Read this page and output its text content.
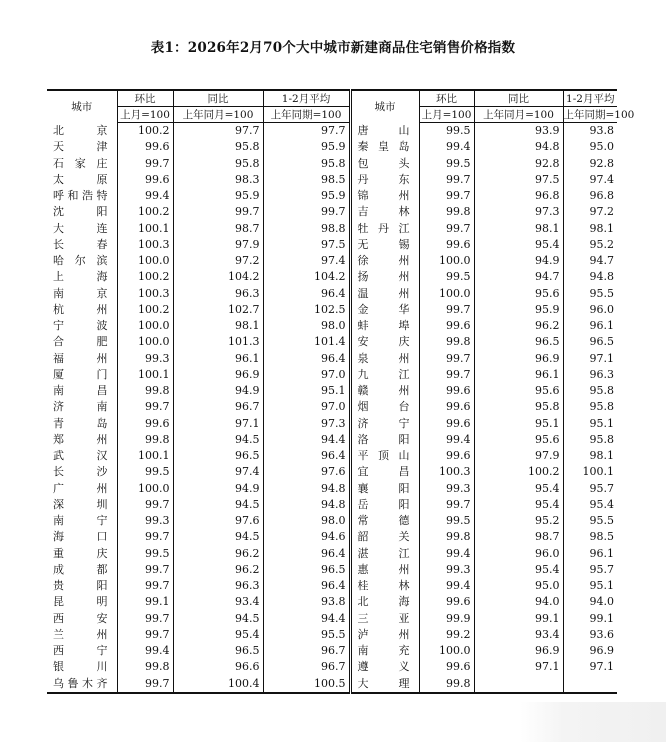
表1：2026年2月70个大中城市新建商品住宅销售价格指数
城市	环比	同比	1-2月平均	城市	环比	同比	1-2月平均
	上月=100	上年同月=100	上年同期=100		上月=100	上年同月=100	上年同期=100

北京	100.2	97.7	97.7	唐山	99.5	93.9	93.8

天津	99.6	95.8	95.9	秦皇岛	99.4	94.8	95.0

石家庄	99.7	95.8	95.8	包头	99.5	92.8	92.8

太原	99.6	98.3	98.5	丹东	99.7	97.5	97.4

呼和浩特	99.4	95.9	95.9	锦州	99.7	96.8	96.8

沈阳	100.2	99.7	99.7	吉林	99.8	97.3	97.2

大连	100.1	98.7	98.8	牡丹江	99.7	98.1	98.1

长春	100.3	97.9	97.5	无锡	99.6	95.4	95.2

哈尔滨	100.0	97.2	97.4	徐州	100.0	94.9	94.7

上海	100.2	104.2	104.2	扬州	99.5	94.7	94.8

南京	100.3	96.3	96.4	温州	100.0	95.6	95.5

杭州	100.2	102.7	102.5	金华	99.7	95.9	96.0

宁波	100.0	98.1	98.0	蚌埠	99.6	96.2	96.1

合肥	100.0	101.3	101.4	安庆	99.8	96.5	96.5

福州	99.3	96.1	96.4	泉州	99.7	96.9	97.1

厦门	100.1	96.9	97.0	九江	99.7	96.1	96.3

南昌	99.8	94.9	95.1	赣州	99.6	95.6	95.8

济南	99.7	96.7	97.0	烟台	99.6	95.8	95.8

青岛	99.6	97.1	97.3	济宁	99.6	95.1	95.1

郑州	99.8	94.5	94.4	洛阳	99.4	95.6	95.8

武汉	100.1	96.5	96.4	平顶山	99.6	97.9	98.1

长沙	99.5	97.4	97.6	宜昌	100.3	100.2	100.1

广州	100.0	94.9	94.8	襄阳	99.3	95.4	95.7

深圳	99.7	94.5	94.8	岳阳	99.7	95.4	95.4

南宁	99.3	97.6	98.0	常德	99.5	95.2	95.5

海口	99.7	94.5	94.6	韶关	99.8	98.7	98.5

重庆	99.5	96.2	96.4	湛江	99.4	96.0	96.1

成都	99.7	96.2	96.5	惠州	99.3	95.4	95.7

贵阳	99.7	96.3	96.4	桂林	99.4	95.0	95.1

昆明	99.1	93.4	93.8	北海	99.6	94.0	94.0

西安	99.7	94.5	94.4	三亚	99.9	99.1	99.1

兰州	99.7	95.4	95.5	泸州	99.2	93.4	93.6

西宁	99.4	96.5	96.7	南充	100.0	96.9	96.9

银川	99.8	96.6	96.7	遵义	99.6	97.1	97.1

乌鲁木齐	99.7	100.4	100.5	大理	99.8		
